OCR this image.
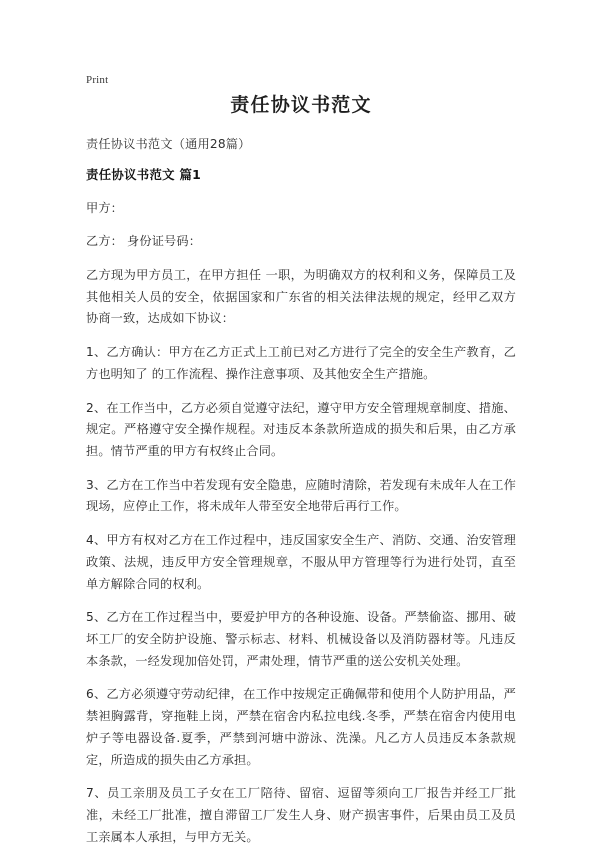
Print
责任协议书范文

责任协议书范文（通用28篇）

责任协议书范文 篇1

甲方：

乙方： 身份证号码：

乙方现为甲方员工，在甲方担任 一职，为明确双方的权利和义务，保障员工及其他相关人员的安全，依据国家和广东省的相关法律法规的规定，经甲乙双方协商一致，达成如下协议：

1、乙方确认：甲方在乙方正式上工前已对乙方进行了完全的安全生产教育，乙方也明知了 的工作流程、操作注意事项、及其他安全生产措施。

2、在工作当中，乙方必须自觉遵守法纪，遵守甲方安全管理规章制度、措施、规定。严格遵守安全操作规程。对违反本条款所造成的损失和后果，由乙方承担。情节严重的甲方有权终止合同。

3、乙方在工作当中若发现有安全隐患，应随时清除，若发现有未成年人在工作现场，应停止工作，将未成年人带至安全地带后再行工作。

4、甲方有权对乙方在工作过程中，违反国家安全生产、消防、交通、治安管理政策、法规，违反甲方安全管理规章，不服从甲方管理等行为进行处罚，直至单方解除合同的权利。

5、乙方在工作过程当中，要爱护甲方的各种设施、设备。严禁偷盗、挪用、破坏工厂的安全防护设施、警示标志、材料、机械设备以及消防器材等。凡违反本条款，一经发现加倍处罚，严肃处理，情节严重的送公安机关处理。

6、乙方必须遵守劳动纪律，在工作中按规定正确佩带和使用个人防护用品，严禁袒胸露背，穿拖鞋上岗，严禁在宿舍内私拉电线.冬季，严禁在宿舍内使用电炉子等电器设备.夏季，严禁到河塘中游泳、洗澡。凡乙方人员违反本条款规定，所造成的损失由乙方承担。

7、员工亲朋及员工子女在工厂陪待、留宿、逗留等须向工厂报告并经工厂批准，未经工厂批准，擅自滞留工厂发生人身、财产损害事件，后果由员工及员工亲属本人承担，与甲方无关。
